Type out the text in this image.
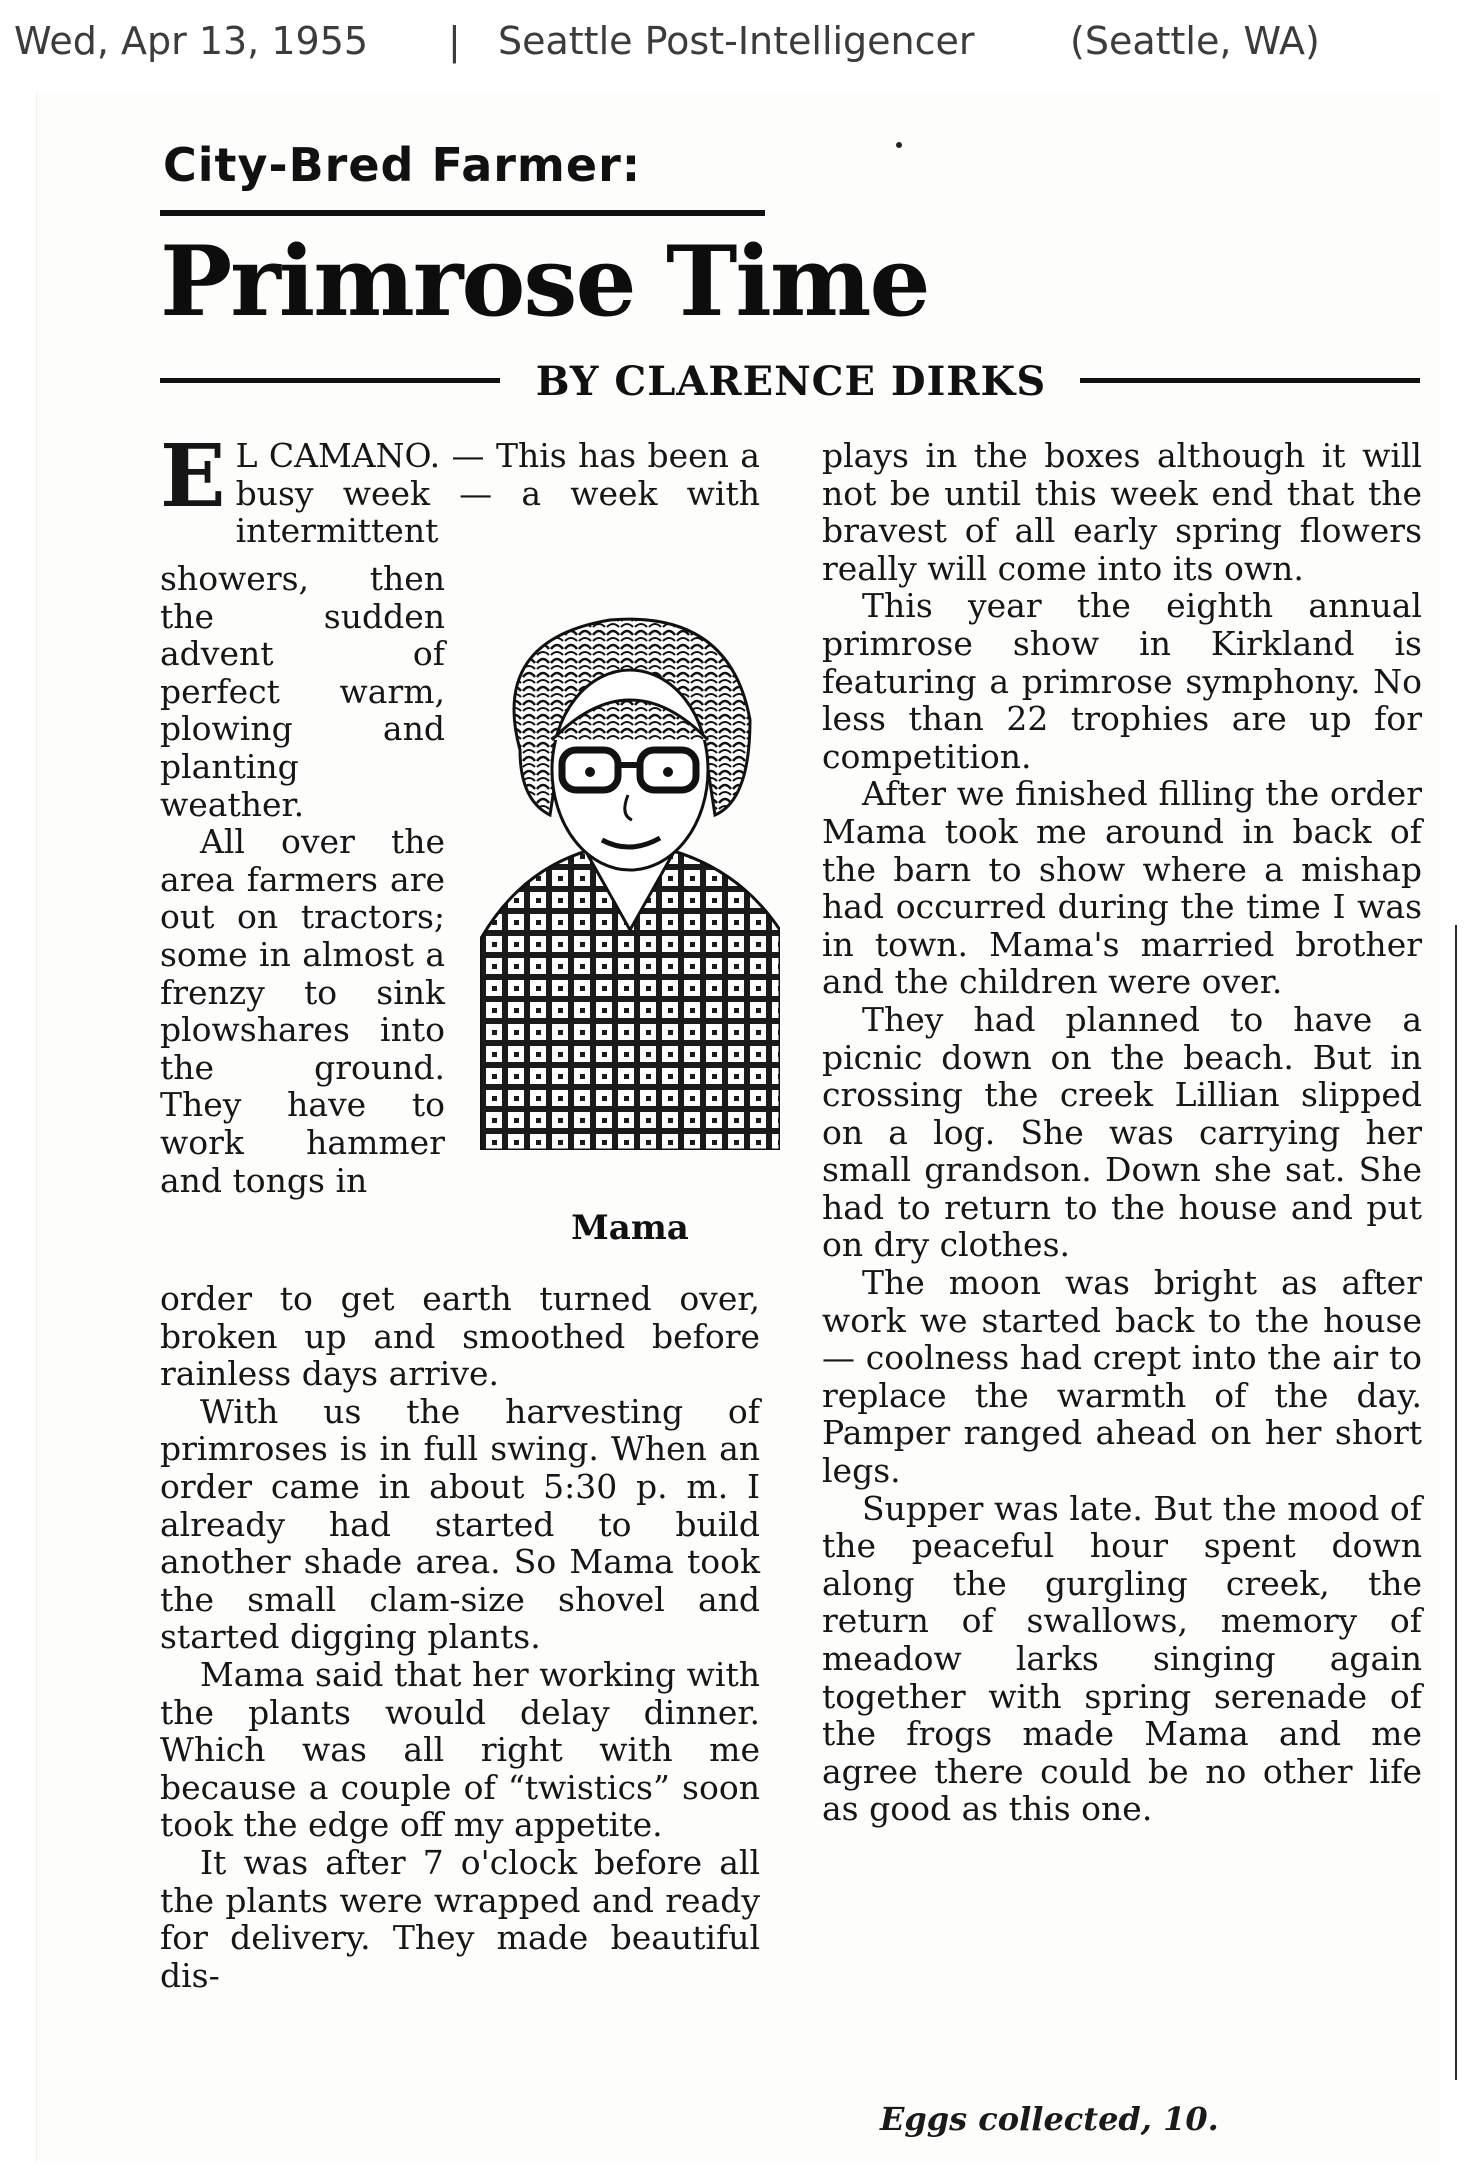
Wed, Apr 13, 1955 | Seattle Post-Intelligencer	(Seattle, WA)
City-Bred Farmer:
Primrose Time
BY CLARENCE DIRKS
E L CAMANO. — This has been a busy week — a week with intermittent

showers, then the sudden advent of perfect warm, plowing and planting weather.

All over the area farmers are out on tractors; some in almost a frenzy to sink plowshares into the ground. They have to work hammer and tongs in

Mama

order to get earth turned over, broken up and smoothed before rainless days arrive.

With us the harvesting of primroses is in full swing. When an order came in about 5:30 p. m. I already had started to build another shade area. So Mama took the small clam-size shovel and started digging plants.

Mama said that her working with the plants would delay dinner. Which was all right with me because a couple of “twistics” soon took the edge off my appetite.

It was after 7 o'clock before all the plants were wrapped and ready for delivery. They made beautiful dis-

plays in the boxes although it will not be until this week end that the bravest of all early spring flowers really will come into its own.

This year the eighth annual primrose show in Kirkland is featuring a primrose symphony. No less than 22 trophies are up for competition.

After we finished filling the order Mama took me around in back of the barn to show where a mishap had occurred during the time I was in town. Mama's married brother and the children were over.

They had planned to have a picnic down on the beach. But in crossing the creek Lillian slipped on a log. She was carrying her small grandson. Down she sat. She had to return to the house and put on dry clothes.

The moon was bright as after work we started back to the house — coolness had crept into the air to replace the warmth of the day. Pamper ranged ahead on her short legs.

Supper was late. But the mood of the peaceful hour spent down along the gurgling creek, the return of swallows, memory of meadow larks singing again together with spring serenade of the frogs made Mama and me agree there could be no other life as good as this one.

Eggs collected, 10.
